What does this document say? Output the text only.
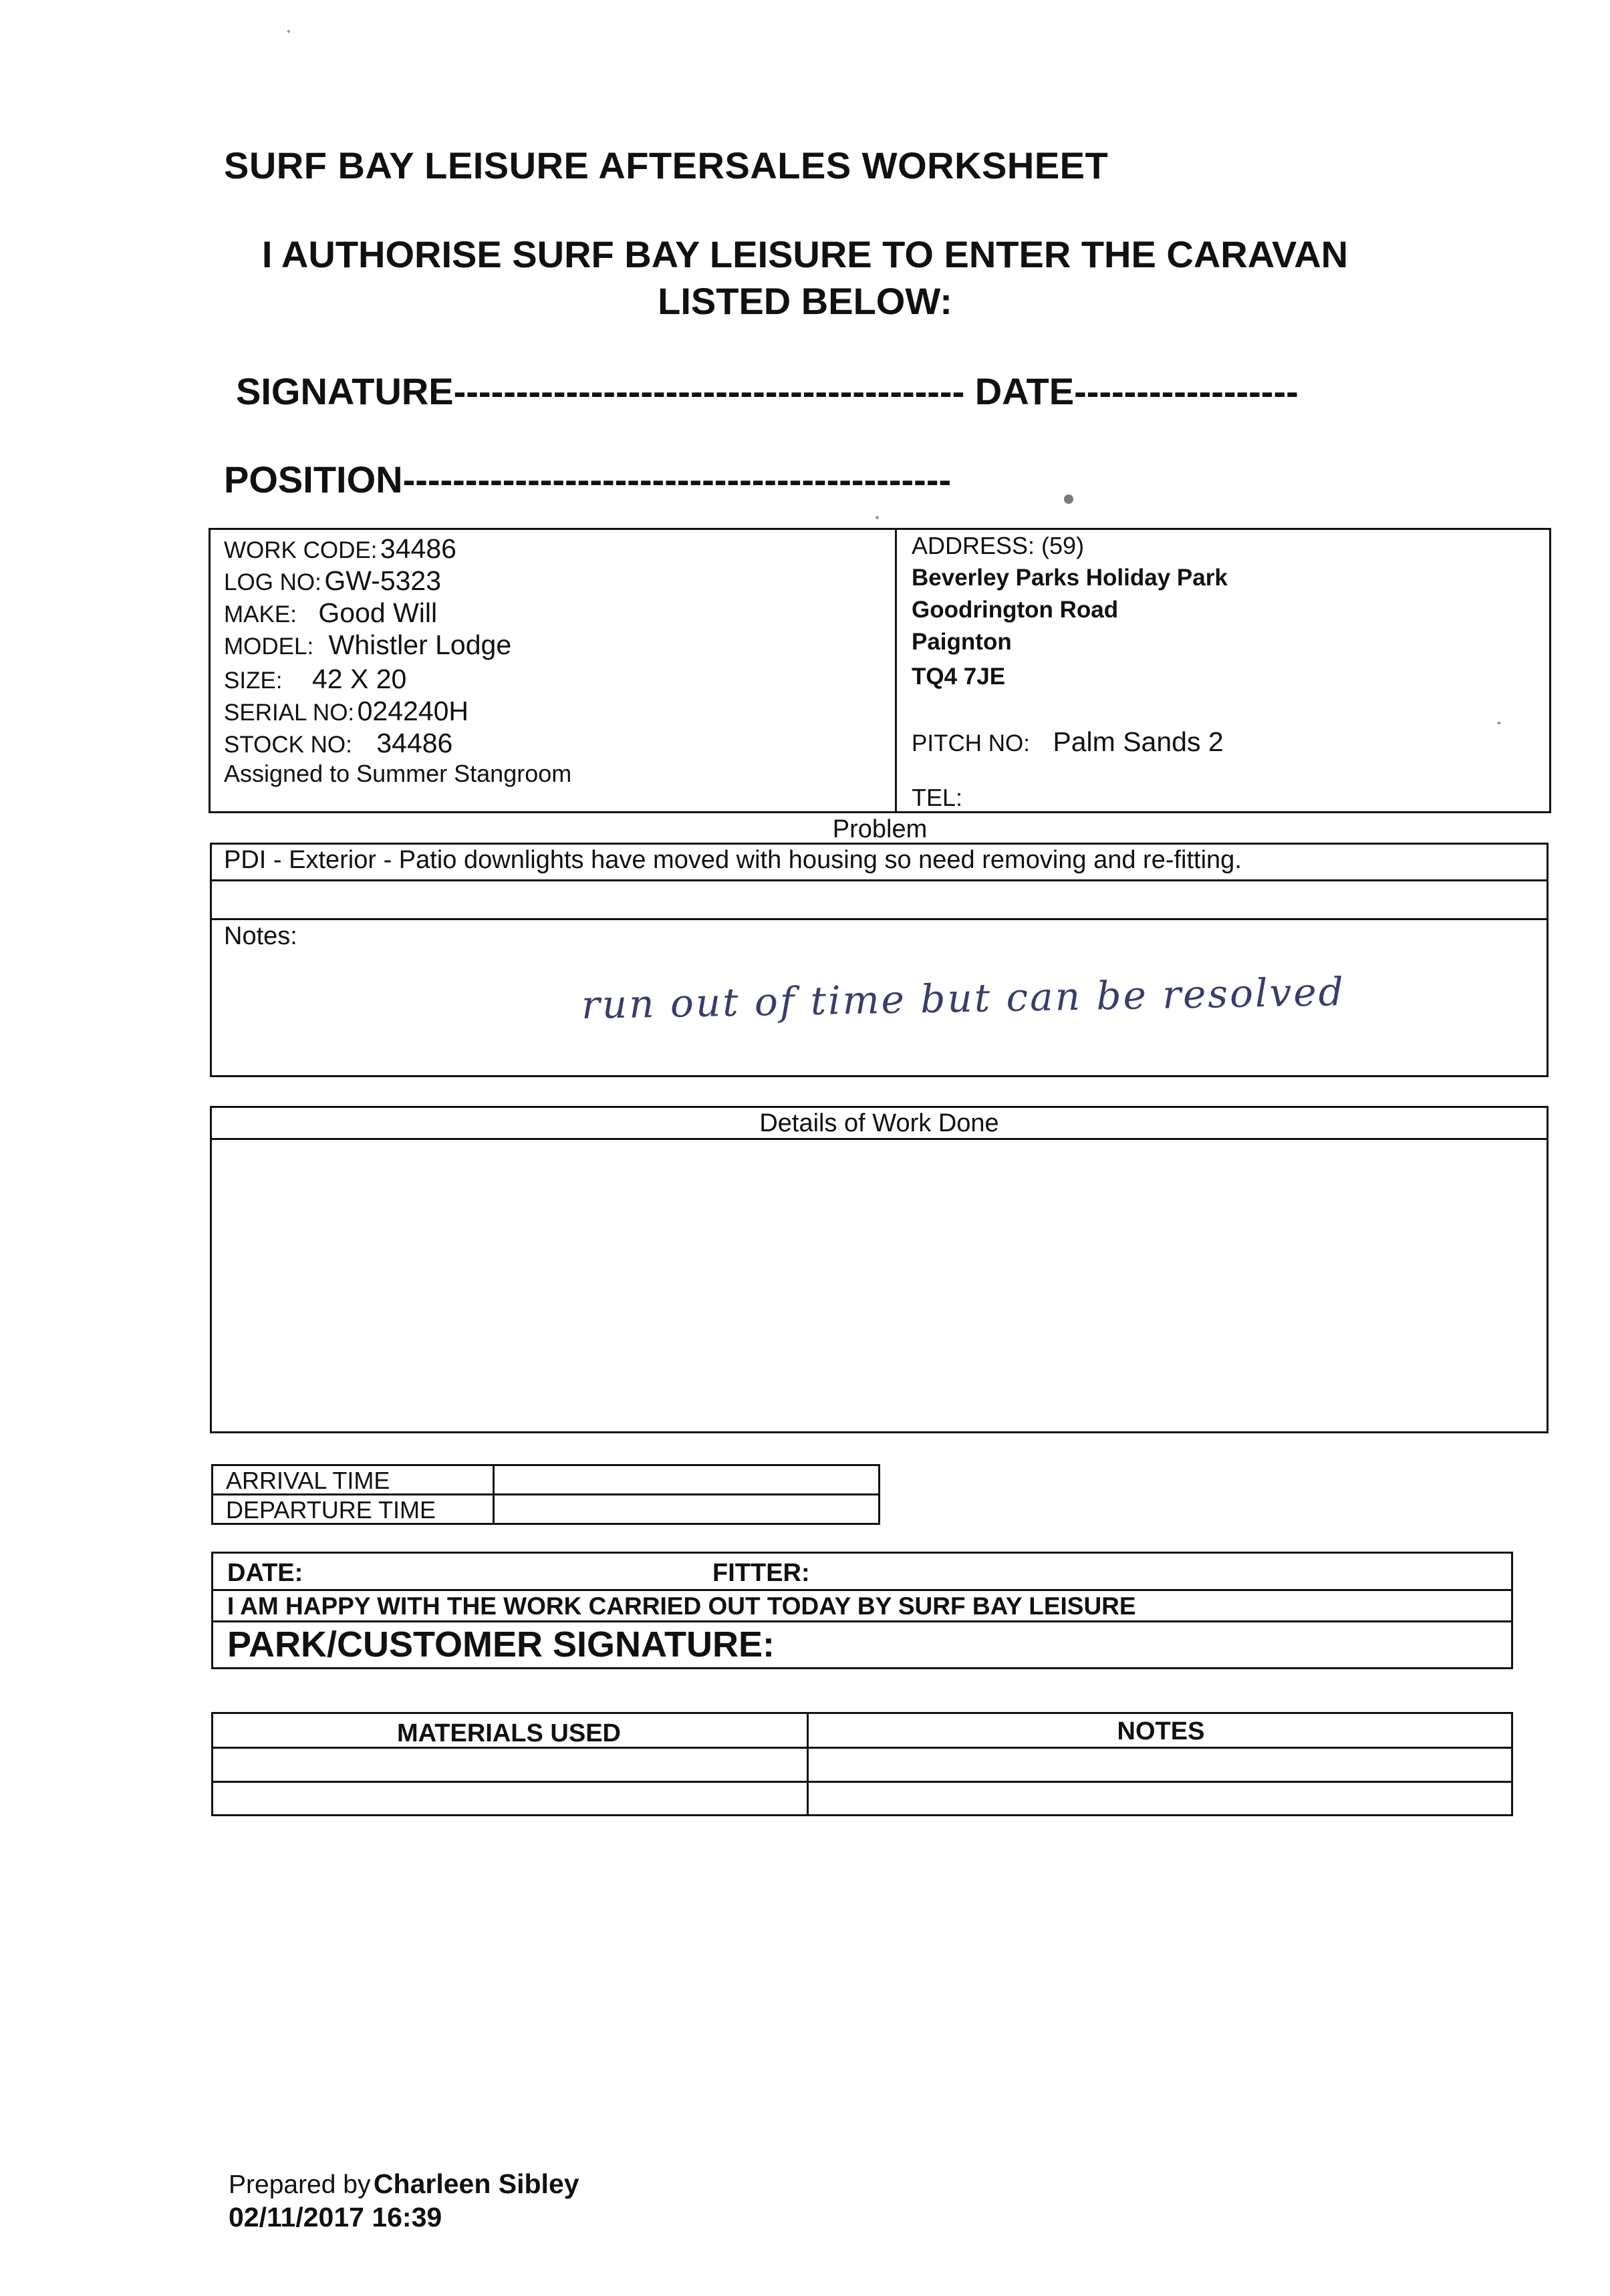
SURF BAY LEISURE AFTERSALES WORKSHEET
I AUTHORISE SURF BAY LEISURE TO ENTER THE CARAVAN
LISTED BELOW:
SIGNATURE----------------------------------------- DATE------------------
POSITION--------------------------------------------
WORK CODE: 34486
LOG NO: GW-5323
MAKE: Good Will
MODEL: Whistler Lodge
SIZE: 42 X 20
SERIAL NO: 024240H
STOCK NO: 34486
Assigned to Summer Stangroom
ADDRESS: (59)
Beverley Parks Holiday Park
Goodrington Road
Paignton
TQ4 7JE
PITCH NO: Palm Sands 2
TEL:
Problem
PDI - Exterior - Patio downlights have moved with housing so need removing and re-fitting.
Notes:
run out of time but can be resolved
Details of Work Done
ARRIVAL TIME
DEPARTURE TIME
DATE:	FITTER:
I AM HAPPY WITH THE WORK CARRIED OUT TODAY BY SURF BAY LEISURE
PARK/CUSTOMER SIGNATURE:
MATERIALS USED	NOTES
Prepared by Charleen Sibley
02/11/2017 16:39
